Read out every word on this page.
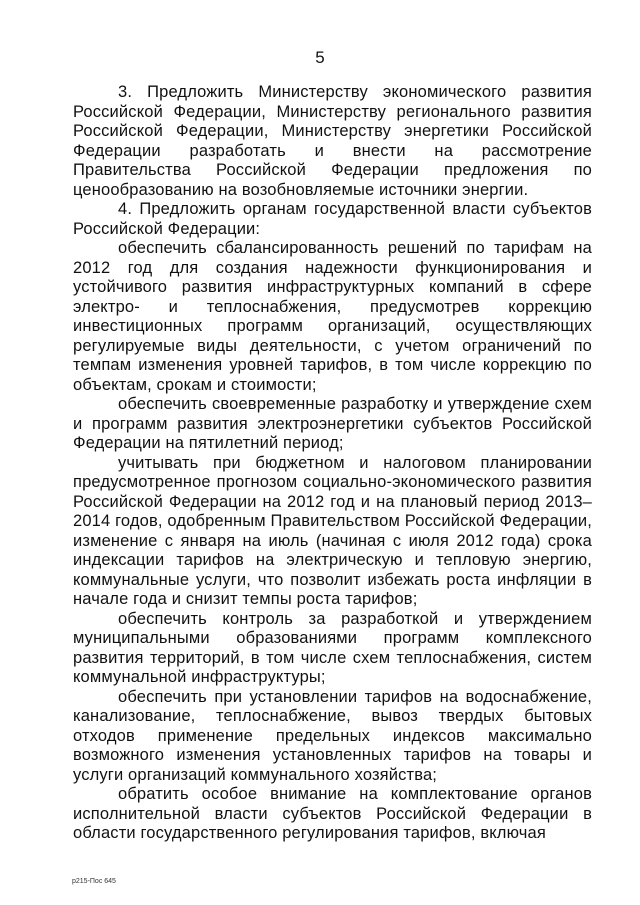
5

3. Предложить Министерству экономического развития Российской Федерации, Министерству регионального развития Российской Федерации, Министерству энергетики Российской Федерации разработать и внести на рассмотрение Правительства Российской Федерации предложения по ценообразованию на возобновляемые источники энергии.

4. Предложить органам государственной власти субъектов Российской Федерации:

обеспечить сбалансированность решений по тарифам на 2012 год для создания надежности функционирования и устойчивого развития инфраструктурных компаний в сфере электро- и теплоснабжения, предусмотрев коррекцию инвестиционных программ организаций, осуществляющих регулируемые виды деятельности, с учетом ограничений по темпам изменения уровней тарифов, в том числе коррекцию по объектам, срокам и стоимости;

обеспечить своевременные разработку и утверждение схем и программ развития электроэнергетики субъектов Российской Федерации на пятилетний период;

учитывать при бюджетном и налоговом планировании предусмотренное прогнозом социально-экономического развития Российской Федерации на 2012 год и на плановый период 2013–2014 годов, одобренным Правительством Российской Федерации, изменение с января на июль (начиная с июля 2012 года) срока индексации тарифов на электрическую и тепловую энергию, коммунальные услуги, что позволит избежать роста инфляции в начале года и снизит темпы роста тарифов;

обеспечить контроль за разработкой и утверждением муниципальными образованиями программ комплексного развития территорий, в том числе схем теплоснабжения, систем коммунальной инфраструктуры;

обеспечить при установлении тарифов на водоснабжение, канализование, теплоснабжение, вывоз твердых бытовых отходов применение предельных индексов максимально возможного изменения установленных тарифов на товары и услуги организаций коммунального хозяйства;

обратить особое внимание на комплектование органов исполнительной власти субъектов Российской Федерации в области государственного регулирования тарифов, включая

р215-Пос 645
